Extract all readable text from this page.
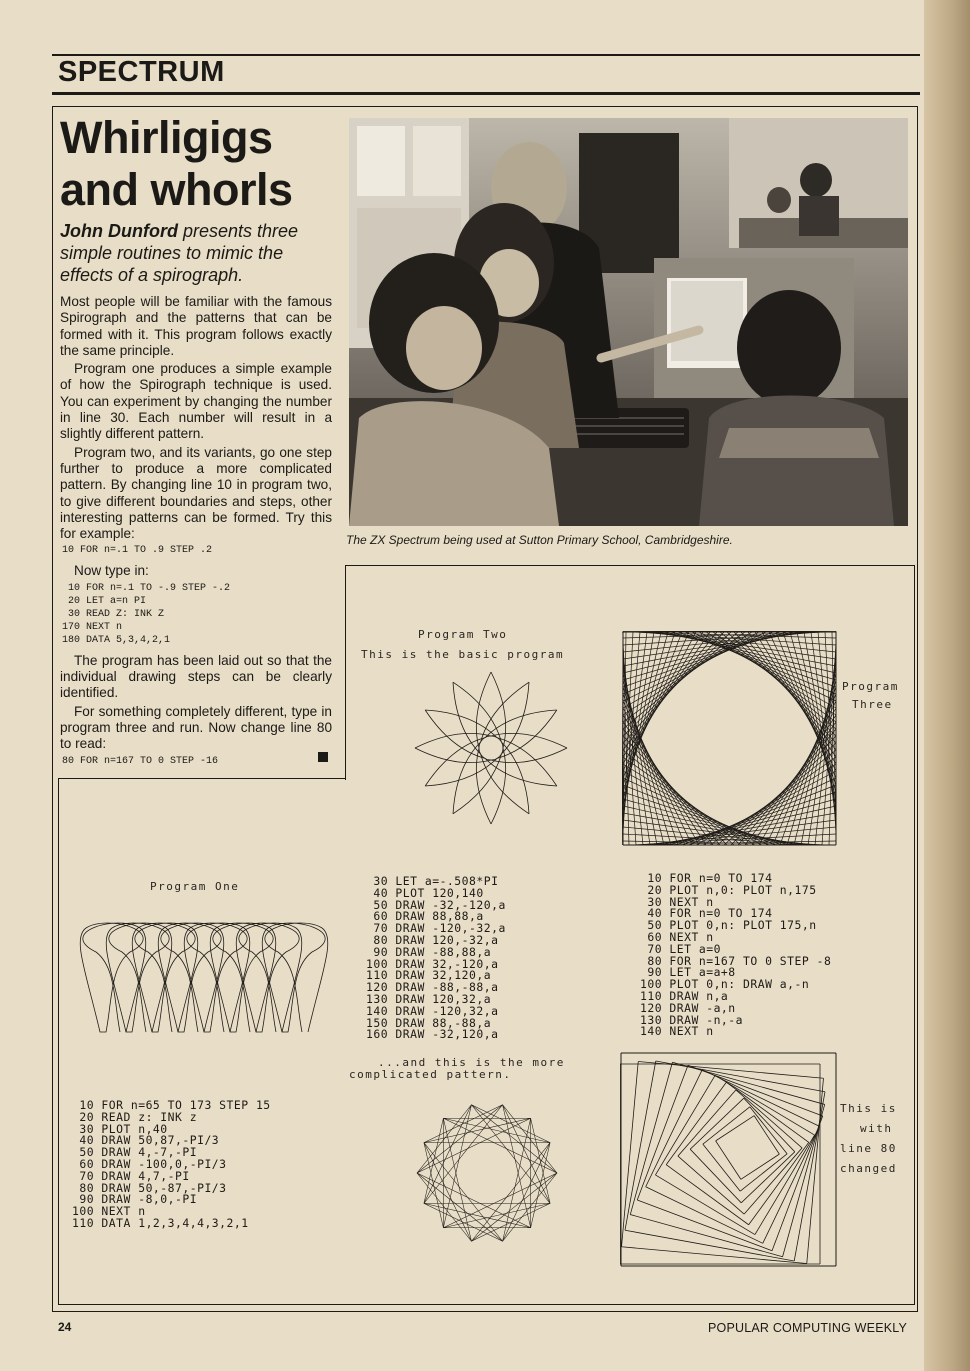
SPECTRUM
Whirligigs
and whorls
John Dunford presents three simple routines to mimic the effects of a spirograph.

Most people will be familiar with the famous Spirograph and the patterns that can be formed with it. This program follows exactly the same principle.

Program one produces a simple example of how the Spirograph technique is used. You can experiment by changing the number in line 30. Each number will result in a slightly different pattern.

Program two, and its variants, go one step further to produce a more complicated pattern. By changing line 10 in program two, to give different boundaries and steps, other interesting patterns can be formed. Try this for example:

10 FOR n=.1 TO .9 STEP .2

Now type in:

10 FOR n=.1 TO -.9 STEP -.2
20 LET a=n PI
30 READ Z: INK Z
170 NEXT n
180 DATA 5,3,4,2,1

The program has been laid out so that the individual drawing steps can be clearly identified.

For something completely different, type in program three and run. Now change line 80 to read:

80 FOR n=167 TO 0 STEP -16
The ZX Spectrum being used at Sutton Primary School, Cambridgeshire.
Program Two
This is the basic program
Program
Three
Program One	30 LET a=-.508*PI
40 PLOT 120,140
50 DRAW -32,-120,a
60 DRAW 88,88,a
70 DRAW -120,-32,a
80 DRAW 120,-32,a
90 DRAW -88,88,a
100 DRAW 32,-120,a
110 DRAW 32,120,a
120 DRAW -88,-88,a
130 DRAW 120,32,a
140 DRAW -120,32,a
150 DRAW 88,-88,a
160 DRAW -32,120,a
10 FOR n=0 TO 174
20 PLOT n,0: PLOT n,175
30 NEXT n
40 FOR n=0 TO 174
50 PLOT 0,n: PLOT 175,n
60 NEXT n
70 LET a=0
80 FOR n=167 TO 0 STEP -8
90 LET a=a+8
100 PLOT 0,n: DRAW a,-n
110 DRAW n,a
120 DRAW -a,n
130 DRAW -n,-a
140 NEXT n
...and this is the more
complicated pattern.
10 FOR n=65 TO 173 STEP 15
20 READ z: INK z
30 PLOT n,40
40 DRAW 50,87,-PI/3
50 DRAW 4,-7,-PI
60 DRAW -100,0,-PI/3
70 DRAW 4,7,-PI
80 DRAW 50,-87,-PI/3
90 DRAW -8,0,-PI
100 NEXT n
110 DATA 1,2,3,4,4,3,2,1
This is
with
line 80
changed
24	POPULAR COMPUTING WEEKLY
